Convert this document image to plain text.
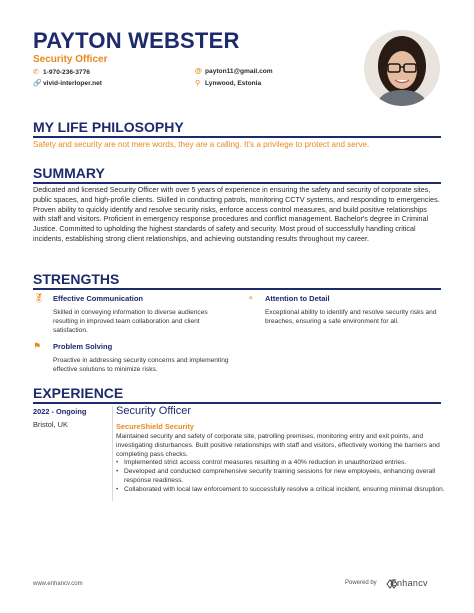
PAYTON WEBSTER
Security Officer
✆ 1-970-236-3776
🔗 vivid-interloper.net
@ payton11@gmail.com
⚲ Lynwood, Estonia
MY LIFE PHILOSOPHY
Safety and security are not mere words, they are a calling. It's a privilege to protect and serve.
SUMMARY
Dedicated and licensed Security Officer with over 5 years of experience in ensuring the safety and security of corporate sites, public spaces, and high-profile clients. Skilled in conducting patrols, monitoring CCTV systems, and responding to emergencies. Proven ability to quickly identify and resolve security risks, enforce access control measures, and build positive relationships with staff and visitors. Proficient in emergency response procedures and conflict management. Bachelor's degree in Criminal Justice. Committed to upholding the highest standards of safety and security. Most proud of successfully handling critical incidents, establishing strong client relationships, and achieving outstanding results throughout my career.
STRENGTHS
🏅︎	Effective Communication
Skilled in conveying information to diverse audiences resulting in improved team collaboration and client satisfaction.
⚬	Attention to Detail
Exceptional ability to identify and resolve security risks and breaches, ensuring a safe environment for all.
⚑	Problem Solving
Proactive in addressing security concerns and implementing effective solutions to minimize risks.
EXPERIENCE
2022 - Ongoing
Bristol, UK
Security Officer
SecureShield Security
Maintained security and safety of corporate site, patrolling premises, monitoring entry and exit points, and investigating disturbances. Built positive relationships with staff and visitors, effectively working the barriers and completing pass checks.
• Implemented strict access control measures resulting in a 40% reduction in unauthorized entries.
• Developed and conducted comprehensive security training sessions for new employees, enhancing overall response readiness.
• Collaborated with local law enforcement to successfully resolve a critical incident, ensuring minimal disruption.
www.enhancv.com	Powered by Enhancv
